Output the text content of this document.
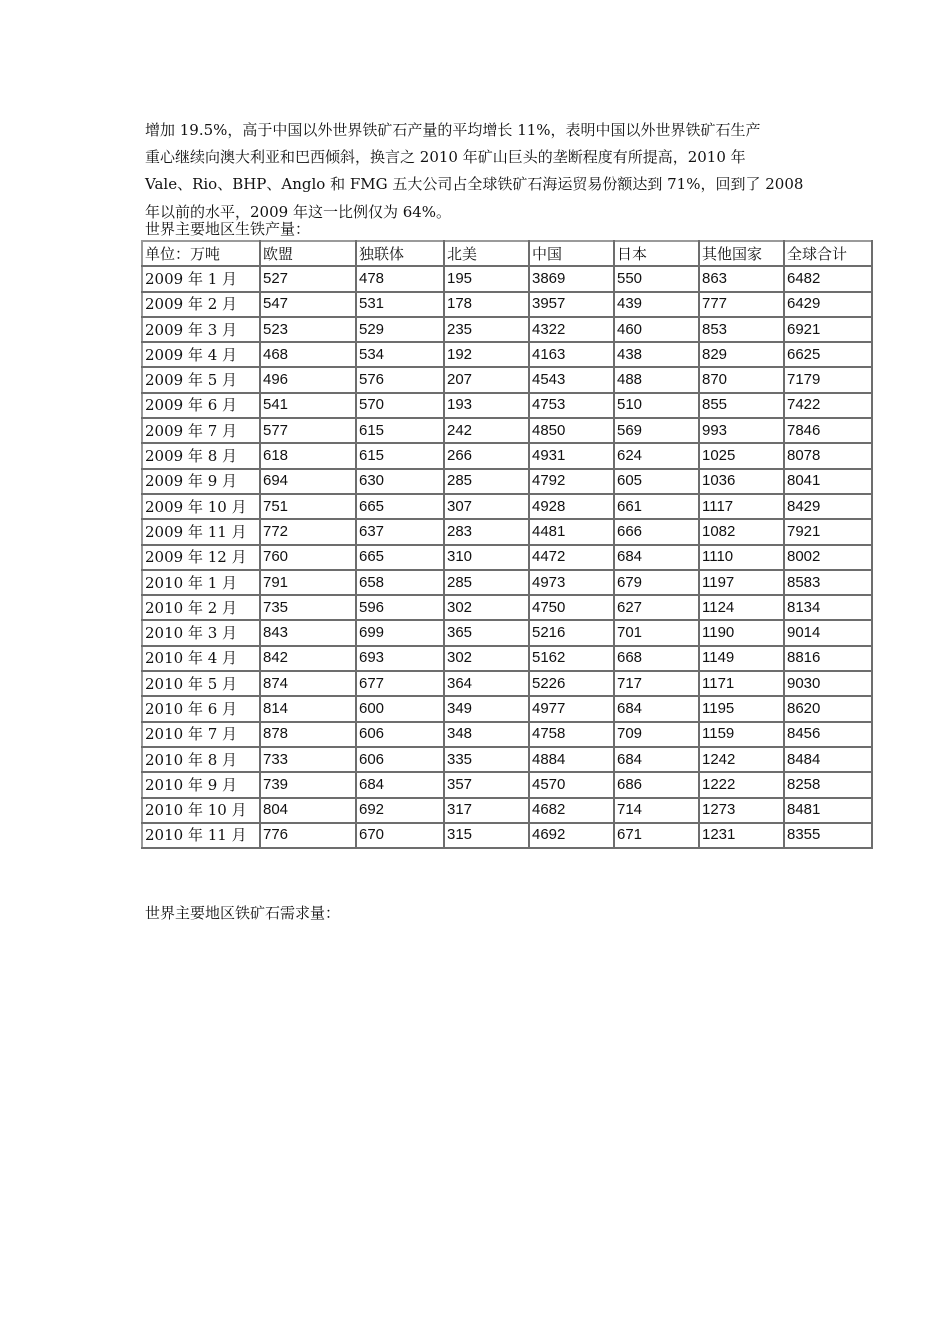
增加 19.5%，高于中国以外世界铁矿石产量的平均增长 11%，表明中国以外世界铁矿石生产
重心继续向澳大利亚和巴西倾斜，换言之 2010 年矿山巨头的垄断程度有所提高，2010 年
Vale、Rio、BHP、Anglo 和 FMG 五大公司占全球铁矿石海运贸易份额达到 71%，回到了 2008
年以前的水平，2009 年这一比例仅为 64%。

世界主要地区生铁产量：

单位：万吨	欧盟	独联体	北美	中国	日本	其他国家	全球合计
2009 年 1 月	527	478	195	3869	550	863	6482
2009 年 2 月	547	531	178	3957	439	777	6429
2009 年 3 月	523	529	235	4322	460	853	6921
2009 年 4 月	468	534	192	4163	438	829	6625
2009 年 5 月	496	576	207	4543	488	870	7179
2009 年 6 月	541	570	193	4753	510	855	7422
2009 年 7 月	577	615	242	4850	569	993	7846
2009 年 8 月	618	615	266	4931	624	1025	8078
2009 年 9 月	694	630	285	4792	605	1036	8041
2009 年 10 月	751	665	307	4928	661	1117	8429
2009 年 11 月	772	637	283	4481	666	1082	7921
2009 年 12 月	760	665	310	4472	684	1110	8002
2010 年 1 月	791	658	285	4973	679	1197	8583
2010 年 2 月	735	596	302	4750	627	1124	8134
2010 年 3 月	843	699	365	5216	701	1190	9014
2010 年 4 月	842	693	302	5162	668	1149	8816
2010 年 5 月	874	677	364	5226	717	1171	9030
2010 年 6 月	814	600	349	4977	684	1195	8620
2010 年 7 月	878	606	348	4758	709	1159	8456
2010 年 8 月	733	606	335	4884	684	1242	8484
2010 年 9 月	739	684	357	4570	686	1222	8258
2010 年 10 月	804	692	317	4682	714	1273	8481
2010 年 11 月	776	670	315	4692	671	1231	8355

世界主要地区铁矿石需求量：
